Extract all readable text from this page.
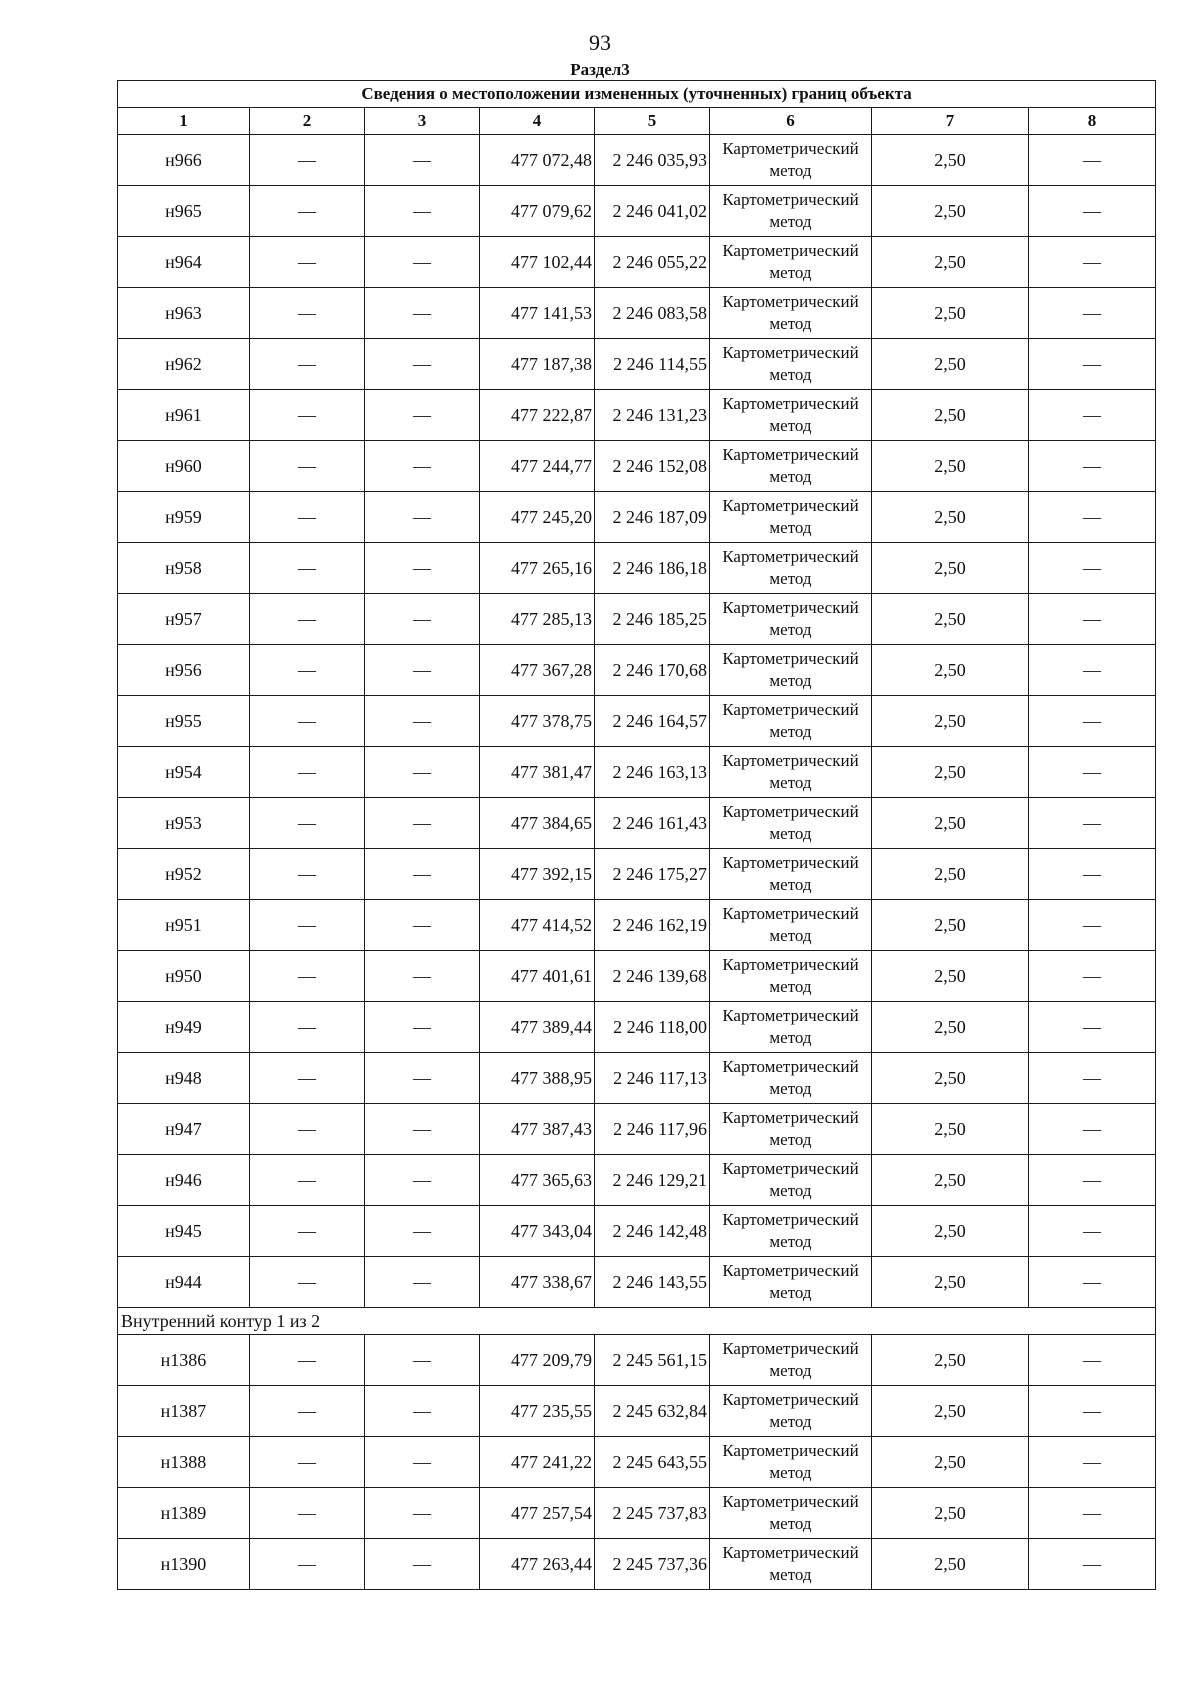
93
Раздел3
Сведения о местоположении измененных (уточненных) границ объекта							
1	2	3	4	5	6	7	8
н966	—	—	477 072,48	2 246 035,93	Картометрический метод	2,50	—
н965	—	—	477 079,62	2 246 041,02	Картометрический метод	2,50	—
н964	—	—	477 102,44	2 246 055,22	Картометрический метод	2,50	—
н963	—	—	477 141,53	2 246 083,58	Картометрический метод	2,50	—
н962	—	—	477 187,38	2 246 114,55	Картометрический метод	2,50	—
н961	—	—	477 222,87	2 246 131,23	Картометрический метод	2,50	—
н960	—	—	477 244,77	2 246 152,08	Картометрический метод	2,50	—
н959	—	—	477 245,20	2 246 187,09	Картометрический метод	2,50	—
н958	—	—	477 265,16	2 246 186,18	Картометрический метод	2,50	—
н957	—	—	477 285,13	2 246 185,25	Картометрический метод	2,50	—
н956	—	—	477 367,28	2 246 170,68	Картометрический метод	2,50	—
н955	—	—	477 378,75	2 246 164,57	Картометрический метод	2,50	—
н954	—	—	477 381,47	2 246 163,13	Картометрический метод	2,50	—
н953	—	—	477 384,65	2 246 161,43	Картометрический метод	2,50	—
н952	—	—	477 392,15	2 246 175,27	Картометрический метод	2,50	—
н951	—	—	477 414,52	2 246 162,19	Картометрический метод	2,50	—
н950	—	—	477 401,61	2 246 139,68	Картометрический метод	2,50	—
н949	—	—	477 389,44	2 246 118,00	Картометрический метод	2,50	—
н948	—	—	477 388,95	2 246 117,13	Картометрический метод	2,50	—
н947	—	—	477 387,43	2 246 117,96	Картометрический метод	2,50	—
н946	—	—	477 365,63	2 246 129,21	Картометрический метод	2,50	—
н945	—	—	477 343,04	2 246 142,48	Картометрический метод	2,50	—
н944	—	—	477 338,67	2 246 143,55	Картометрический метод	2,50	—
Внутренний контур 1 из 2							
н1386	—	—	477 209,79	2 245 561,15	Картометрический метод	2,50	—
н1387	—	—	477 235,55	2 245 632,84	Картометрический метод	2,50	—
н1388	—	—	477 241,22	2 245 643,55	Картометрический метод	2,50	—
н1389	—	—	477 257,54	2 245 737,83	Картометрический метод	2,50	—
н1390	—	—	477 263,44	2 245 737,36	Картометрический метод	2,50	—
